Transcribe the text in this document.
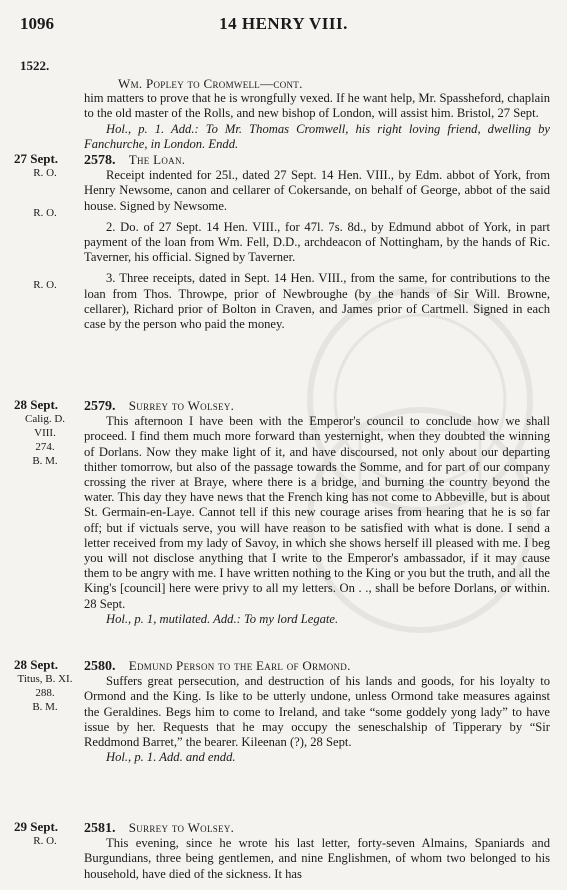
1096	14 HENRY VIII.
1522.
Wm. Popley to Cromwell—cont.

him matters to prove that he is wrongfully vexed. If he want help, Mr. Spassheford, chaplain to the old master of the Rolls, and new bishop of London, will assist him. Bristol, 27 Sept.

Hol., p. 1. Add.: To Mr. Thomas Cromwell, his right loving friend, dwelling by Fanchurche, in London. Endd.

27 Sept.
R. O.
R. O.
R. O.
2578. The Loan.

Receipt indented for 25l., dated 27 Sept. 14 Hen. VIII., by Edm. abbot of York, from Henry Newsome, canon and cellarer of Cokersande, on behalf of George, abbot of the said house. Signed by Newsome.

2. Do. of 27 Sept. 14 Hen. VIII., for 47l. 7s. 8d., by Edmund abbot of York, in part payment of the loan from Wm. Fell, D.D., archdeacon of Nottingham, by the hands of Ric. Taverner, his official. Signed by Taverner.

3. Three receipts, dated in Sept. 14 Hen. VIII., from the same, for contributions to the loan from Thos. Throwpe, prior of Newbroughe (by the hands of Sir Will. Browne, cellarer), Richard prior of Bolton in Craven, and James prior of Cartmell. Signed in each case by the person who paid the money.

28 Sept.
Calig. D. VIII.
274.
B. M.
2579. Surrey to Wolsey.

This afternoon I have been with the Emperor's council to conclude how we shall proceed. I find them much more forward than yesternight, when they doubted the winning of Dorlans. Now they make light of it, and have discoursed, not only about our departing thither tomorrow, but also of the passage towards the Somme, and for part of our company crossing the river at Braye, where there is a bridge, and burning the country beyond the water. This day they have news that the French king has not come to Abbeville, but is about St. Germain-en-Laye. Cannot tell if this new courage arises from hearing that he is so far off; but if victuals serve, you will have reason to be satisfied with what is done. I send a letter received from my lady of Savoy, in which she shows herself ill pleased with me. I beg you will not disclose anything that I write to the Emperor's ambassador, if it may cause them to be angry with me. I have written nothing to the King or you but the truth, and all the King's [council] here were privy to all my letters. On . ., shall be before Dorlans, or within. 28 Sept.

Hol., p. 1, mutilated. Add.: To my lord Legate.

28 Sept.
Titus, B. XI.
288.
B. M.
2580. Edmund Person to the Earl of Ormond.

Suffers great persecution, and destruction of his lands and goods, for his loyalty to Ormond and the King. Is like to be utterly undone, unless Ormond take measures against the Geraldines. Begs him to come to Ireland, and take “some goddely yong lady” to have issue by her. Requests that he may occupy the seneschalship of Tipperary by “Sir Reddmond Barret,” the bearer. Kileenan (?), 28 Sept.

Hol., p. 1. Add. and endd.

29 Sept.
R. O.
2581. Surrey to Wolsey.

This evening, since he wrote his last letter, forty-seven Almains, Spaniards and Burgundians, three being gentlemen, and nine Englishmen, of whom two belonged to his household, have died of the sickness. It has
